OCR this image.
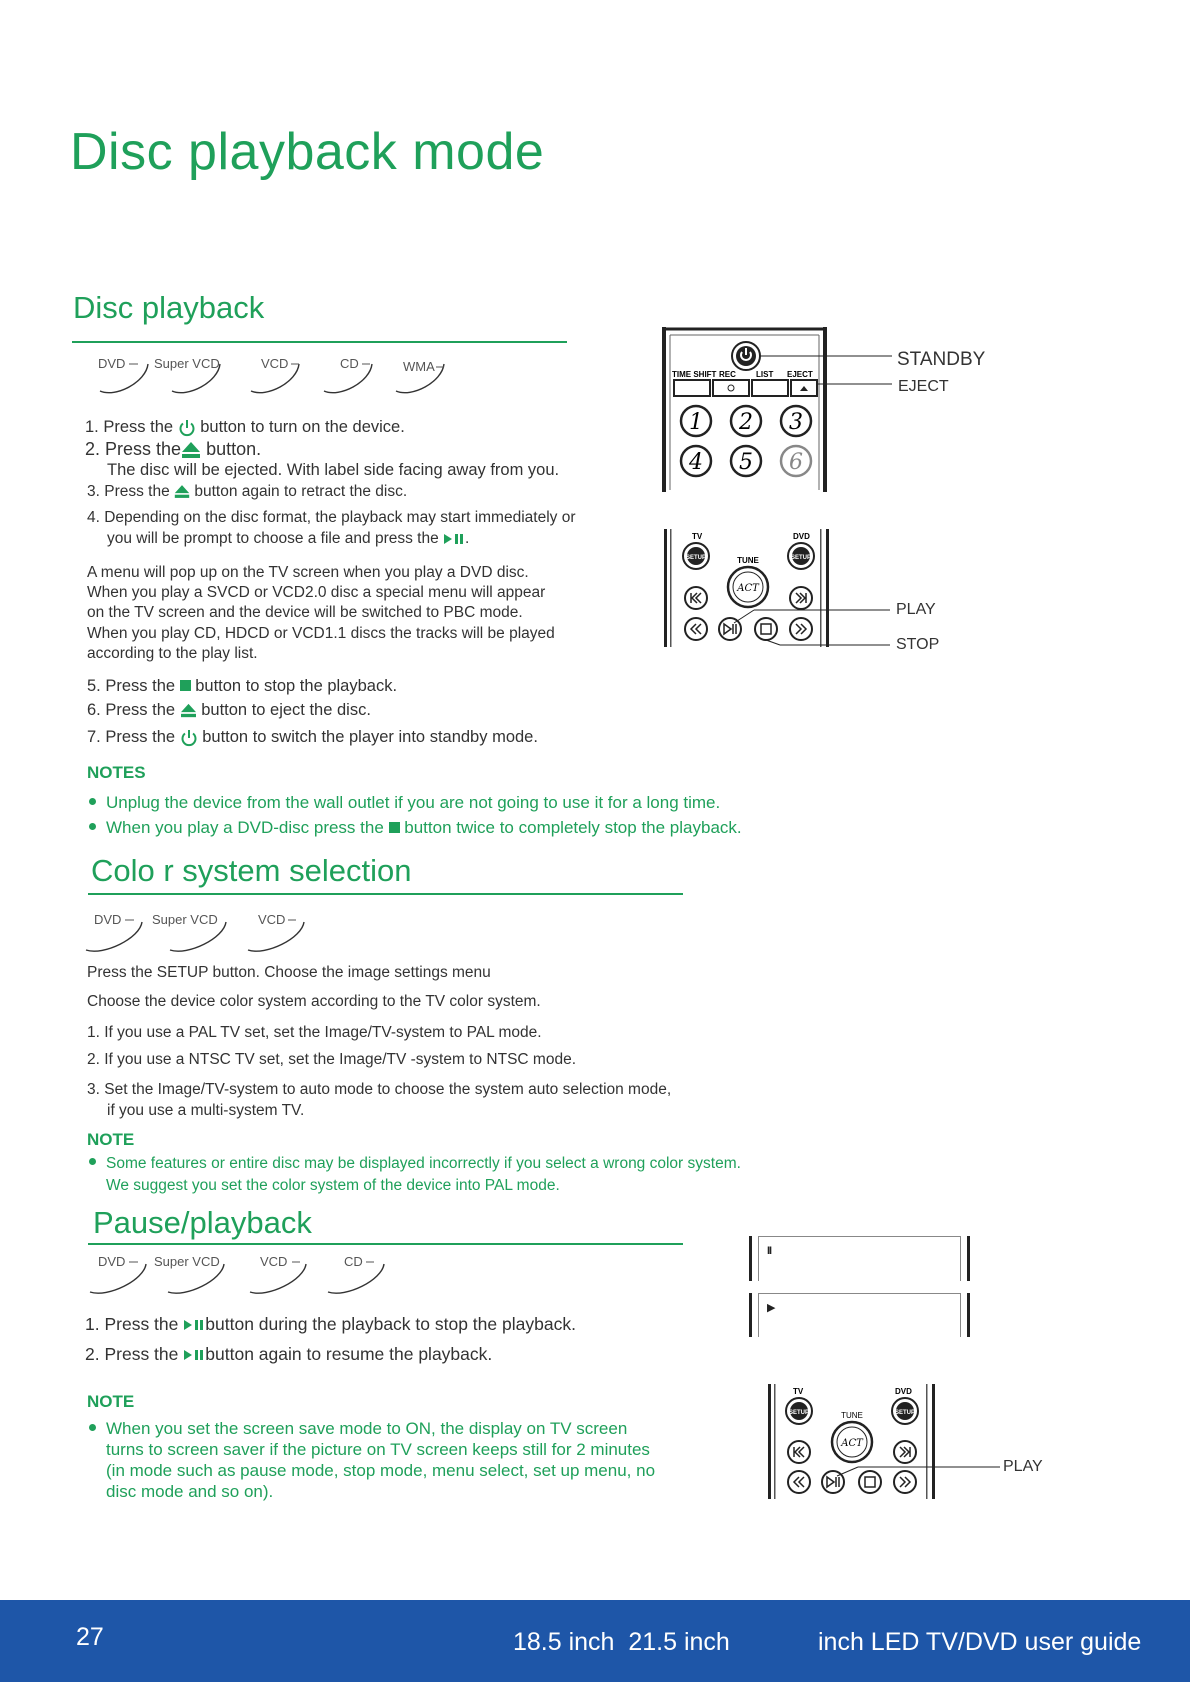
Disc playback mode
Disc playback
DVD Super VCD	VCD	CD	WMA
1. Press the button to turn on the device.
2. Press the button.
The disc will be ejected. With label side facing away from you.
3. Press the button again to retract the disc.
4. Depending on the disc format, the playback may start immediately or
you will be prompt to choose a file and press the .
A menu will pop up on the TV screen when you play a DVD disc.
When you play a SVCD or VCD2.0 disc a special menu will appear
on the TV screen and the device will be switched to PBC mode.
When you play CD, HDCD or VCD1.1 discs the tracks will be played
according to the play list.
5. Press the button to stop the playback.
6. Press the button to eject the disc.
7. Press the button to switch the player into standby mode.
NOTES
Unplug the device from the wall outlet if you are not going to use it for a long time.
When you play a DVD-disc press the button twice to completely stop the playback.
TIME SHIFT REC	LIST EJECT
1 2 3
4 5 6
STANDBY
EJECT
TV	DVD
SETUP	SETUP
TUNE
ACT
PLAY
STOP
Colo r system selection
DVD Super VCD	VCD
Press the SETUP button. Choose the image settings menu
Choose the device color system according to the TV color system.
1. If you use a PAL TV set, set the Image/TV-system to PAL mode.
2. If you use a NTSC TV set, set the Image/TV -system to NTSC mode.
3. Set the Image/TV-system to auto mode to choose the system auto selection mode,
if you use a multi-system TV.
NOTE
Some features or entire disc may be displayed incorrectly if you select a wrong color system.
We suggest you set the color system of the device into PAL mode.
Pause/playback
DVD Super VCD	VCD	CD
1. Press the button during the playback to stop the playback.
2. Press the button again to resume the playback.
NOTE
When you set the screen save mode to ON, the display on TV screen
turns to screen saver if the picture on TV screen keeps still for 2 minutes
(in mode such as pause mode, stop mode, menu select, set up menu, no
disc mode and so on).
II
▶
TV	DVD
SETUP	SETUP
TUNE
ACT
PLAY
27	18.5 inch  21.5 inch	inch LED TV/DVD user guide
